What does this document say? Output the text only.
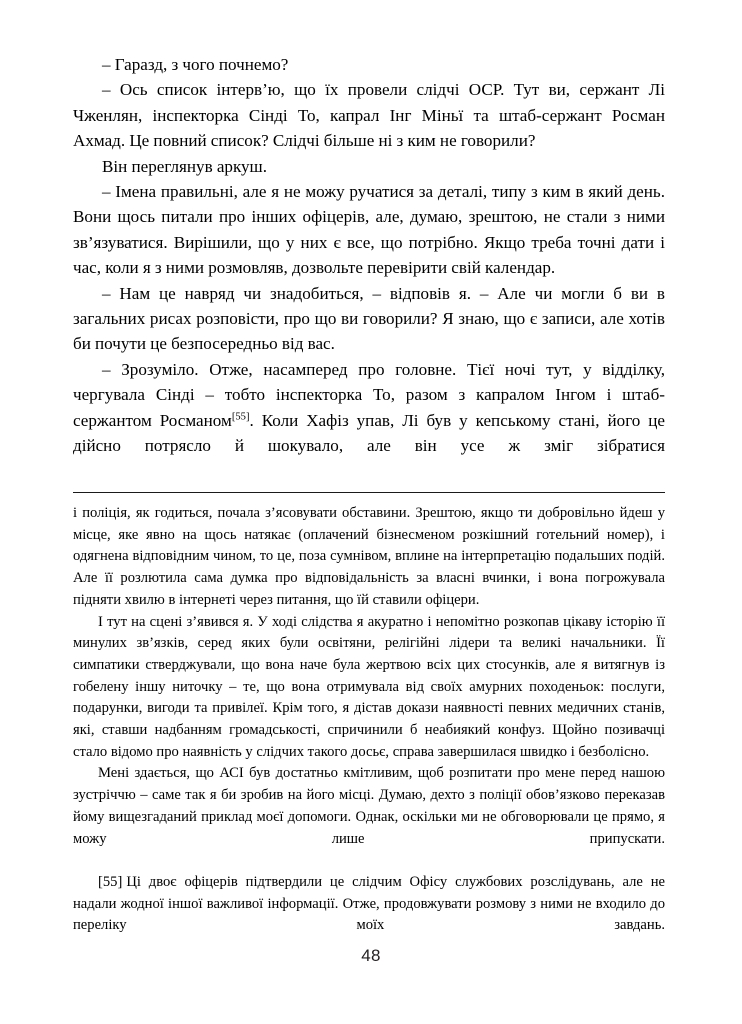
– Гаразд, з чого почнемо?

– Ось список інтерв’ю, що їх провели слідчі ОСР. Тут ви, сержант Лі Чженлян, інспекторка Сінді То, капрал Інг Міньї та штаб-сержант Росман Ахмад. Це повний список? Слідчі більше ні з ким не говорили?

Він переглянув аркуш.

– Імена правильні, але я не можу ручатися за деталі, типу з ким в який день. Вони щось питали про інших офіцерів, але, думаю, зрештою, не стали з ними зв’язуватися. Вирішили, що у них є все, що потрібно. Якщо треба точні дати і час, коли я з ними розмовляв, дозвольте перевірити свій календар.

– Нам це навряд чи знадобиться, – відповів я. – Але чи могли б ви в загальних рисах розповісти, про що ви говорили? Я знаю, що є записи, але хотів би почути це безпосередньо від вас.

– Зрозуміло. Отже, насамперед про головне. Тієї ночі тут, у відділку, чергувала Сінді – тобто інспекторка То, разом з капралом Інгом і штаб-сержантом Росманом[55]. Коли Хафіз упав, Лі був у кепському стані, його це дійсно потрясло й шокувало, але він усе ж зміг зібратися

і поліція, як годиться, почала з’ясовувати обставини. Зрештою, якщо ти добровільно йдеш у місце, яке явно на щось натякає (оплачений бізнесменом розкішний готельний номер), і одягнена відповідним чином, то це, поза сумнівом, вплине на інтерпретацію подальших подій. Але її розлютила сама думка про відповідальність за власні вчинки, і вона погрожувала підняти хвилю в інтернеті через питання, що їй ставили офіцери.

І тут на сцені з’явився я. У ході слідства я акуратно і непомітно розкопав цікаву історію її минулих зв’язків, серед яких були освітяни, релігійні лідери та великі начальники. Її симпатики стверджували, що вона наче була жертвою всіх цих стосунків, але я витягнув із гобелену іншу ниточку – те, що вона отримувала від своїх амурних походеньок: послуги, подарунки, вигоди та привілеї. Крім того, я дістав докази наявності певних медичних станів, які, ставши надбанням громадськості, спричинили б неабиякий конфуз. Щойно позивачці стало відомо про наявність у слідчих такого досьє, справа завершилася швидко і безболісно.

Мені здається, що АСІ був достатньо кмітливим, щоб розпитати про мене перед нашою зустріччю – саме так я би зробив на його місці. Думаю, дехто з поліції обов’язково переказав йому вищезгаданий приклад моєї допомоги. Однак, оскільки ми не обговорювали це прямо, я можу лише припускати.

[55] Ці двоє офіцерів підтвердили це слідчим Офісу службових розслідувань, але не надали жодної іншої важливої інформації. Отже, продовжувати розмову з ними не входило до переліку моїх завдань.

48
